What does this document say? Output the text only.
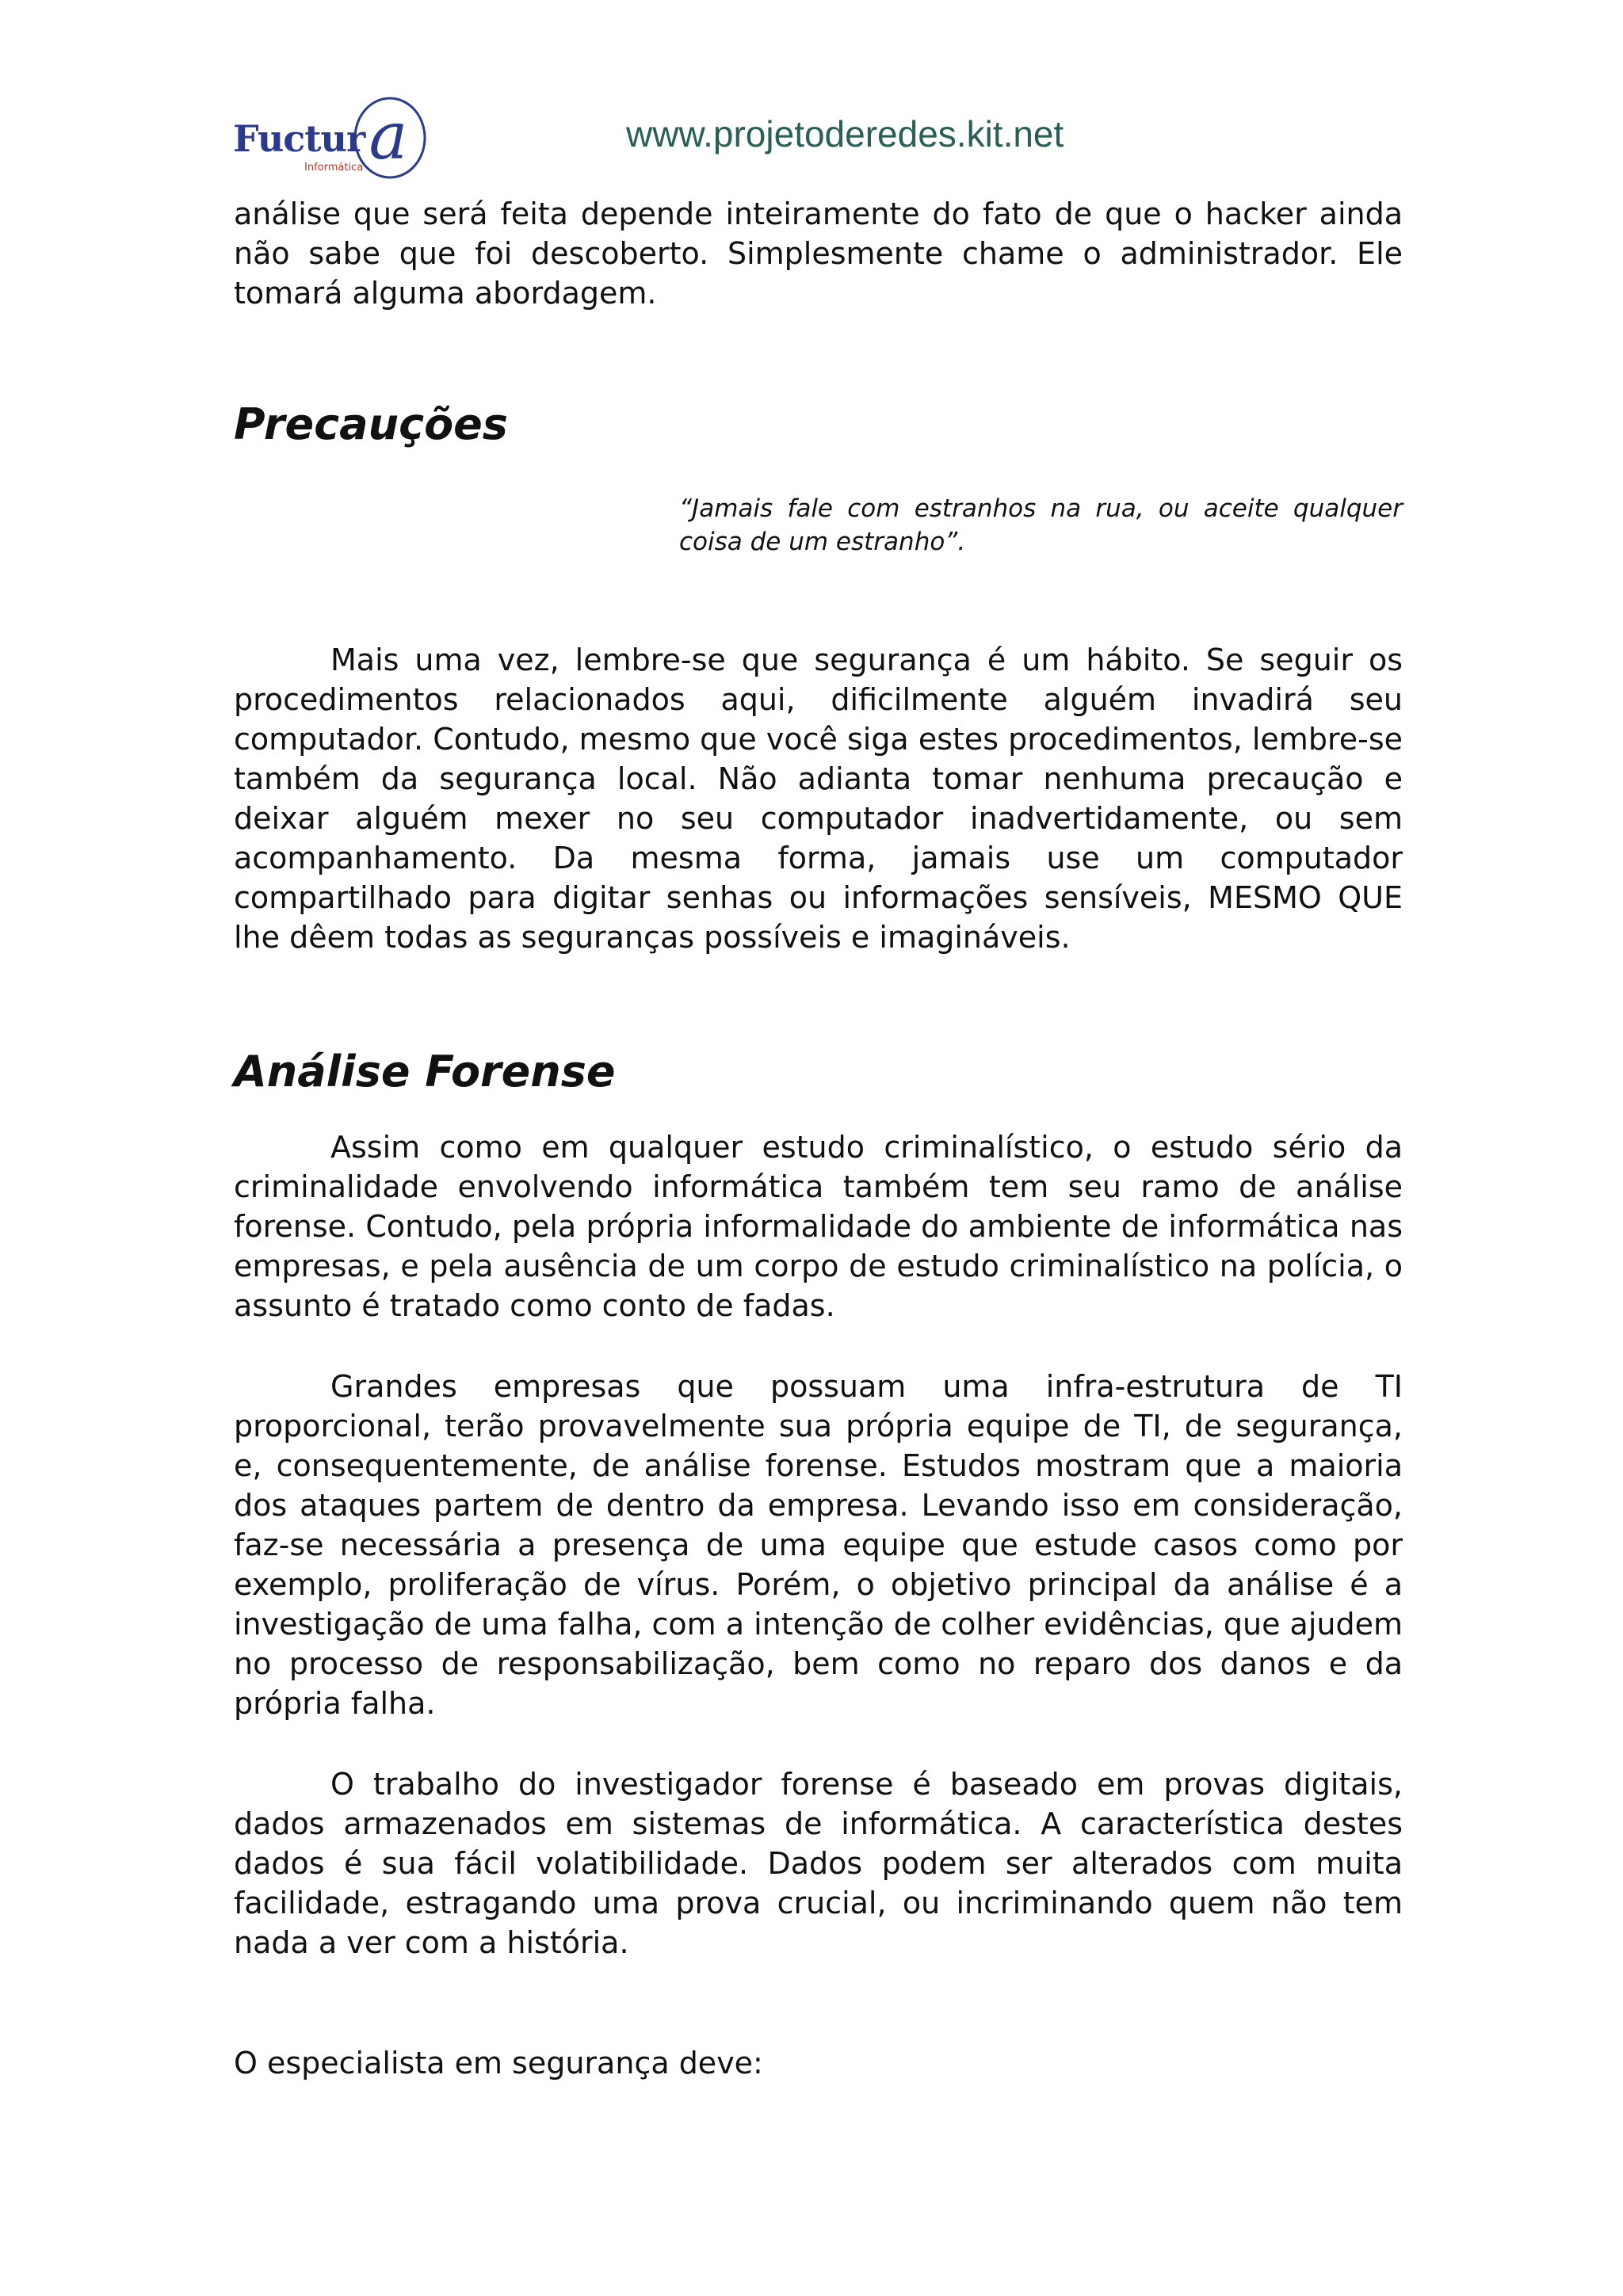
Fuctur
Informática a	www.projetoderedes.kit.net

análise que será feita depende inteiramente do fato de que o hacker ainda não sabe que foi descoberto. Simplesmente chame o administrador. Ele tomará alguma abordagem.

Precauções

“Jamais fale com estranhos na rua, ou aceite qualquer coisa de um estranho”.

Mais uma vez, lembre-se que segurança é um hábito. Se seguir os procedimentos relacionados aqui, dificilmente alguém invadirá seu computador. Contudo, mesmo que você siga estes procedimentos, lembre-se também da segurança local. Não adianta tomar nenhuma precaução e deixar alguém mexer no seu computador inadvertidamente, ou sem acompanhamento. Da mesma forma, jamais use um computador compartilhado para digitar senhas ou informações sensíveis, MESMO QUE lhe dêem todas as seguranças possíveis e imagináveis.

Análise Forense

Assim como em qualquer estudo criminalístico, o estudo sério da criminalidade envolvendo informática também tem seu ramo de análise forense. Contudo, pela própria informalidade do ambiente de informática nas empresas, e pela ausência de um corpo de estudo criminalístico na polícia, o assunto é tratado como conto de fadas.

Grandes empresas que possuam uma infra-estrutura de TI proporcional, terão provavelmente sua própria equipe de TI, de segurança, e, consequentemente, de análise forense. Estudos mostram que a maioria dos ataques partem de dentro da empresa. Levando isso em consideração, faz-se necessária a presença de uma equipe que estude casos como por exemplo, proliferação de vírus. Porém, o objetivo principal da análise é a investigação de uma falha, com a intenção de colher evidências, que ajudem no processo de responsabilização, bem como no reparo dos danos e da própria falha.

O trabalho do investigador forense é baseado em provas digitais, dados armazenados em sistemas de informática. A característica destes dados é sua fácil volatibilidade. Dados podem ser alterados com muita facilidade, estragando uma prova crucial, ou incriminando quem não tem nada a ver com a história.

O especialista em segurança deve:
